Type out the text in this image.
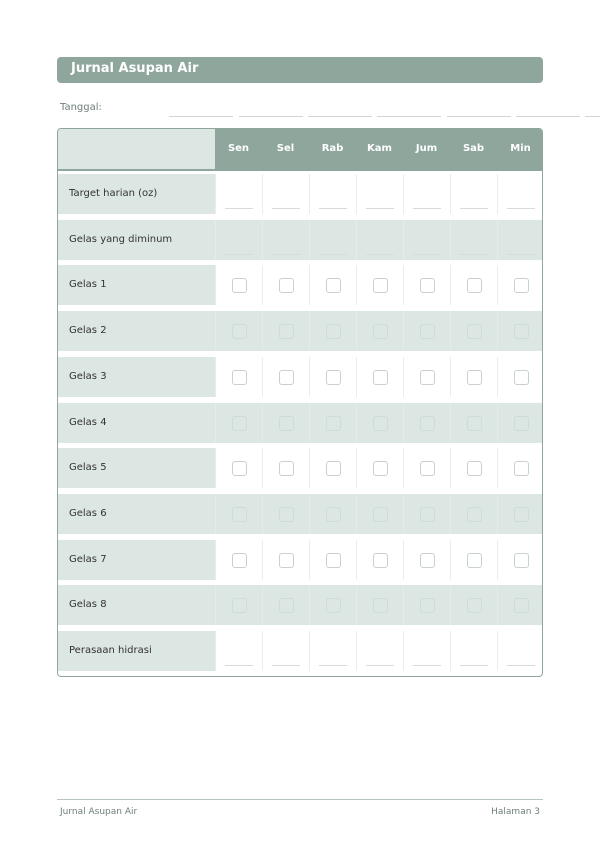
Jurnal Asupan Air
Tanggal:
Sen	Sel	Rab	Kam	Jum	Sab	Min
Target harian (oz)
Gelas yang diminum
Gelas 1
Gelas 2
Gelas 3
Gelas 4
Gelas 5
Gelas 6
Gelas 7
Gelas 8
Perasaan hidrasi
Jurnal Asupan Air	Halaman 3
